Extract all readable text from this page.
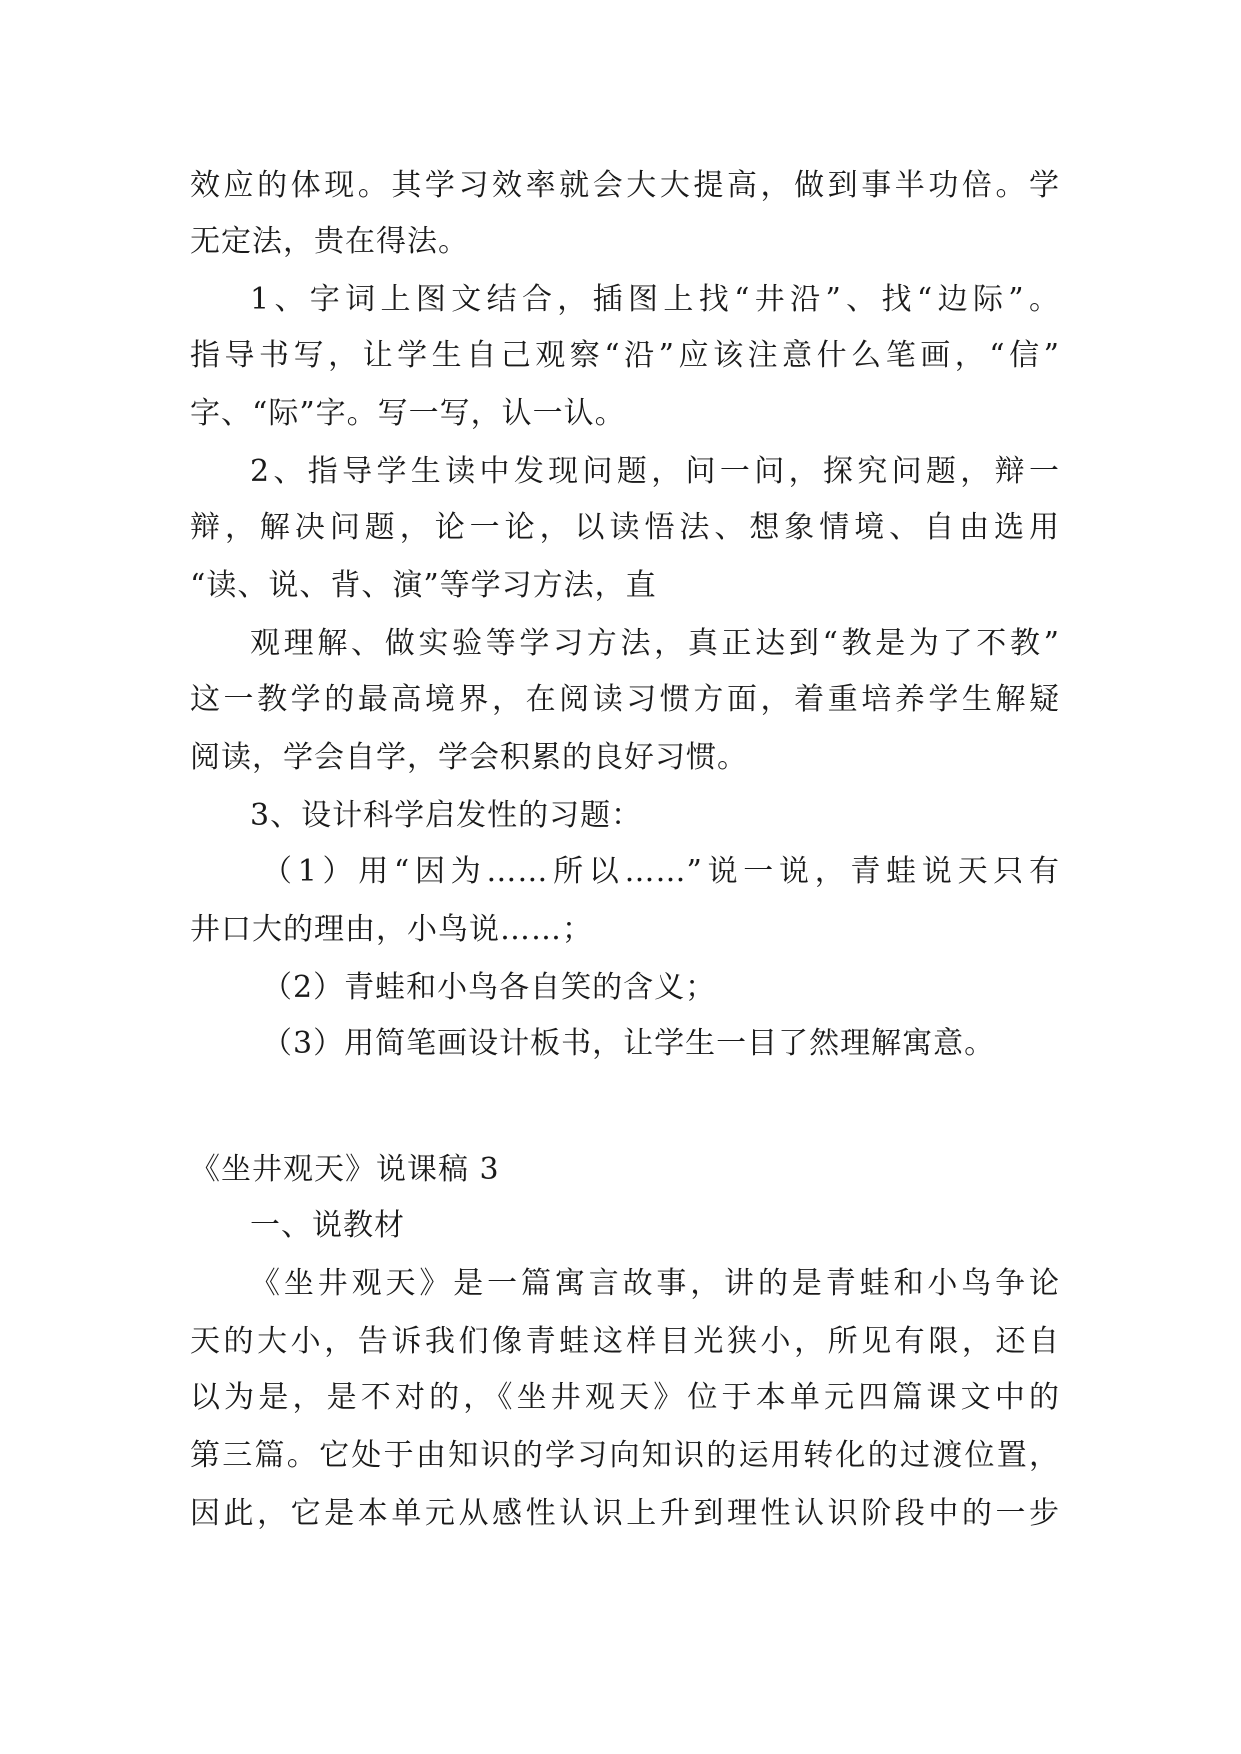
效应的体现。其学习效率就会大大提高，做到事半功倍。学
无定法，贵在得法。
1、字词上图文结合，插图上找“井沿”、找“边际”。
指导书写，让学生自己观察“沿”应该注意什么笔画，“信”
字、“际”字。写一写，认一认。
2、指导学生读中发现问题，问一问，探究问题，辩一
辩，解决问题，论一论，以读悟法、想象情境、自由选用
“读、说、背、演”等学习方法，直
观理解、做实验等学习方法，真正达到“教是为了不教”
这一教学的最高境界，在阅读习惯方面，着重培养学生解疑
阅读，学会自学，学会积累的良好习惯。
3、设计科学启发性的习题：
（1）用“因为……所以……”说一说，青蛙说天只有
井口大的理由，小鸟说……；
（2）青蛙和小鸟各自笑的含义；
（3）用简笔画设计板书，让学生一目了然理解寓意。
《坐井观天》说课稿 3
一、说教材
《坐井观天》是一篇寓言故事，讲的是青蛙和小鸟争论
天的大小，告诉我们像青蛙这样目光狭小，所见有限，还自
以为是，是不对的，《坐井观天》位于本单元四篇课文中的
第三篇。它处于由知识的学习向知识的运用转化的过渡位置，
因此，它是本单元从感性认识上升到理性认识阶段中的一步
